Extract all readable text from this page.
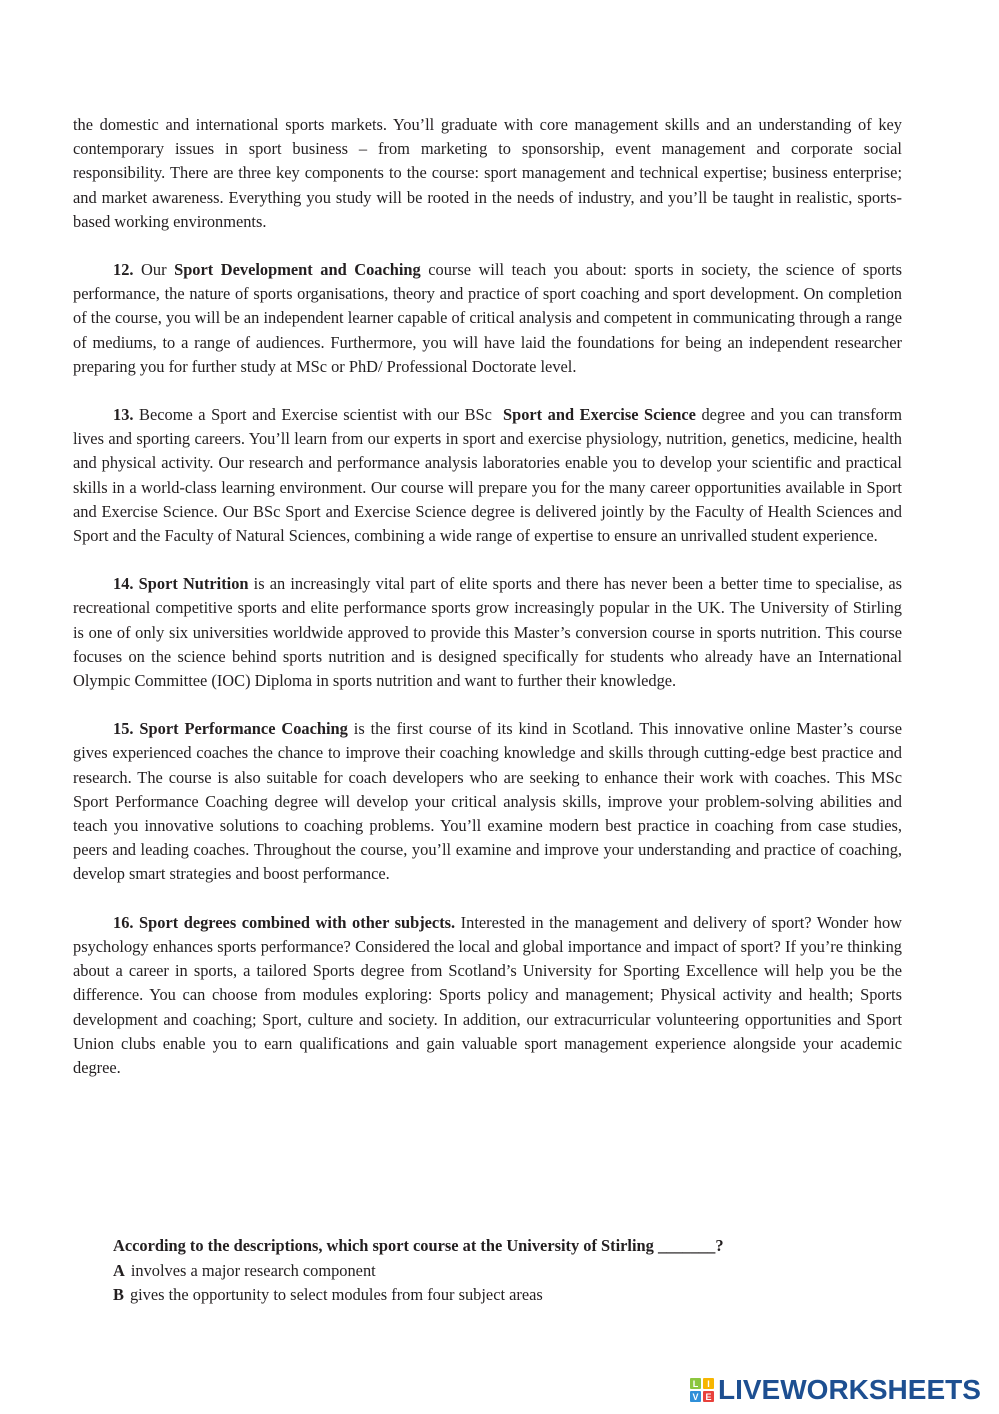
the domestic and international sports markets. You’ll graduate with core management skills and an understanding of key contemporary issues in sport business – from marketing to sponsorship, event management and corporate social responsibility. There are three key components to the course: sport management and technical expertise; business enterprise; and market awareness. Everything you study will be rooted in the needs of industry, and you’ll be taught in realistic, sports-based working environments.

12. Our Sport Development and Coaching course will teach you about: sports in society, the science of sports performance, the nature of sports organisations, theory and practice of sport coaching and sport development. On completion of the course, you will be an independent learner capable of critical analysis and competent in communicating through a range of mediums, to a range of audiences. Furthermore, you will have laid the foundations for being an independent researcher preparing you for further study at MSc or PhD/ Professional Doctorate level.

13. Become a Sport and Exercise scientist with our BSc  Sport and Exercise Science degree and you can transform lives and sporting careers. You’ll learn from our experts in sport and exercise physiology, nutrition, genetics, medicine, health and physical activity. Our research and performance analysis laboratories enable you to develop your scientific and practical skills in a world-class learning environment. Our course will prepare you for the many career opportunities available in Sport and Exercise Science. Our BSc Sport and Exercise Science degree is delivered jointly by the Faculty of Health Sciences and Sport and the Faculty of Natural Sciences, combining a wide range of expertise to ensure an unrivalled student experience.

14. Sport Nutrition is an increasingly vital part of elite sports and there has never been a better time to specialise, as recreational competitive sports and elite performance sports grow increasingly popular in the UK. The University of Stirling is one of only six universities worldwide approved to provide this Master’s conversion course in sports nutrition. This course focuses on the science behind sports nutrition and is designed specifically for students who already have an International Olympic Committee (IOC) Diploma in sports nutrition and want to further their knowledge.

15. Sport Performance Coaching is the first course of its kind in Scotland. This innovative online Master’s course gives experienced coaches the chance to improve their coaching knowledge and skills through cutting-edge best practice and research. The course is also suitable for coach developers who are seeking to enhance their work with coaches. This MSc Sport Performance Coaching degree will develop your critical analysis skills, improve your problem-solving abilities and teach you innovative solutions to coaching problems. You’ll examine modern best practice in coaching from case studies, peers and leading coaches. Throughout the course, you’ll examine and improve your understanding and practice of coaching, develop smart strategies and boost performance.

16. Sport degrees combined with other subjects. Interested in the management and delivery of sport? Wonder how psychology enhances sports performance? Considered the local and global importance and impact of sport? If you’re thinking about a career in sports, a tailored Sports degree from Scotland’s University for Sporting Excellence will help you be the difference. You can choose from modules exploring: Sports policy and management; Physical activity and health; Sports development and coaching; Sport, culture and society. In addition, our extracurricular volunteering opportunities and Sport Union clubs enable you to earn qualifications and gain valuable sport management experience alongside your academic degree.

According to the descriptions, which sport course at the University of Stirling _______?
A involves a major research component
B gives the opportunity to select modules from four subject areas
L I
V E LIVEWORKSHEETS
